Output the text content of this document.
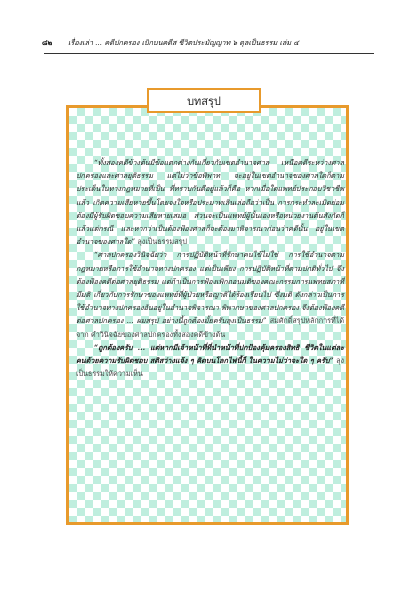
๘๒ เรื่องเล่า ... คดีปกครอง เบิกบนคดีส ชีวิตประมัญญาท ๖ ดุลเป็นธรรม เล่ม ๔
บทสรุป

“ทั้งสองคดีข้างต้นมีข้อแตกต่างกันเกี่ยวกับเขตอำนาจศาล เหนือคดีระหว่างศาลปกครองและศาลยุติธรรม แต่ไม่ว่าข้อพิพาท จะอยู่ในเขตอำนาจของศาลใดก็ตาม ประเด็นในทางกฎหมายที่เป็น ที่ทราบกันดีอยู่แล้วก็คือ หากเมื่อใดแพทย์ประกอบวิชาชีพแล้ว เกิดความเสียหายขึ้นโดยจงใจหรือประมาทเลินเล่อถือว่าเป็น การกระทำละเมิดย่อมต้องมีผู้รับผิดชอบความเสียหายเสมอ ส่วนจะเป็นแพทย์ผู้นั้นเองหรือหน่วยงานต้นสังกัดก็แล้วแต่กรณี และหากว่าเป็นต้องฟ้องศาลก็จะต้องมาพิจารณาก่อนว่าคดีนั้น อยู่ในเขตอำนาจของศาลใด” ลุงเป็นธรรมสรุป

“ศาลปกครองวินิจฉัยว่า การปฏิบัติหน้าที่รักษาคนไข้ไม่ใช่ การใช้อำนาจตามกฎหมายหรือการใช้อำนาจทางปกครอง แต่เป็นเพียง การปฏิบัติหน้าที่ตามปกติทั่วไป จึงต้องฟ้องคดีต่อศาลยุติธรรม แต่ถ้าเป็นการฟ้องเพิกถอนมติของคณะกรรมการแพทยสภาที่มีมติ เกี่ยวกับการรักษาของแพทย์ที่ผู้ป่วยหรือญาติได้ร้องเรียนไป ซึ่งมติ ดังกล่าวเป็นการใช้อำนาจทางปกครองอันอยู่ในอำนาจพิจารณา พิพากษาของศาลปกครอง จึงต้องฟ้องคดีต่อศาลปกครอง ... ผมสรุป อย่างนี้ถูกต้องมั้ยครับลุงเป็นธรรม” สมศักดิ์สรุปหลักการที่ได้จาก คำวินิจฉัยของศาลปกครองทั้งสองคดีข้างต้น

“ถูกต้องครับ ... แต่หากมีเจ้าหน้าที่ที่นำหน้าที่ปกป้องคุ้มครองสิทธิ ชีวิตในแต่ละคนด้วยความรับผิดชอบ สติสว่างแจ้ง ๆ คิดบนโลกไฟนี้ก็ ในความไม่ว่าจะใด ๆ ครับ” ลุงเป็นธรรมให้ความเห็น
